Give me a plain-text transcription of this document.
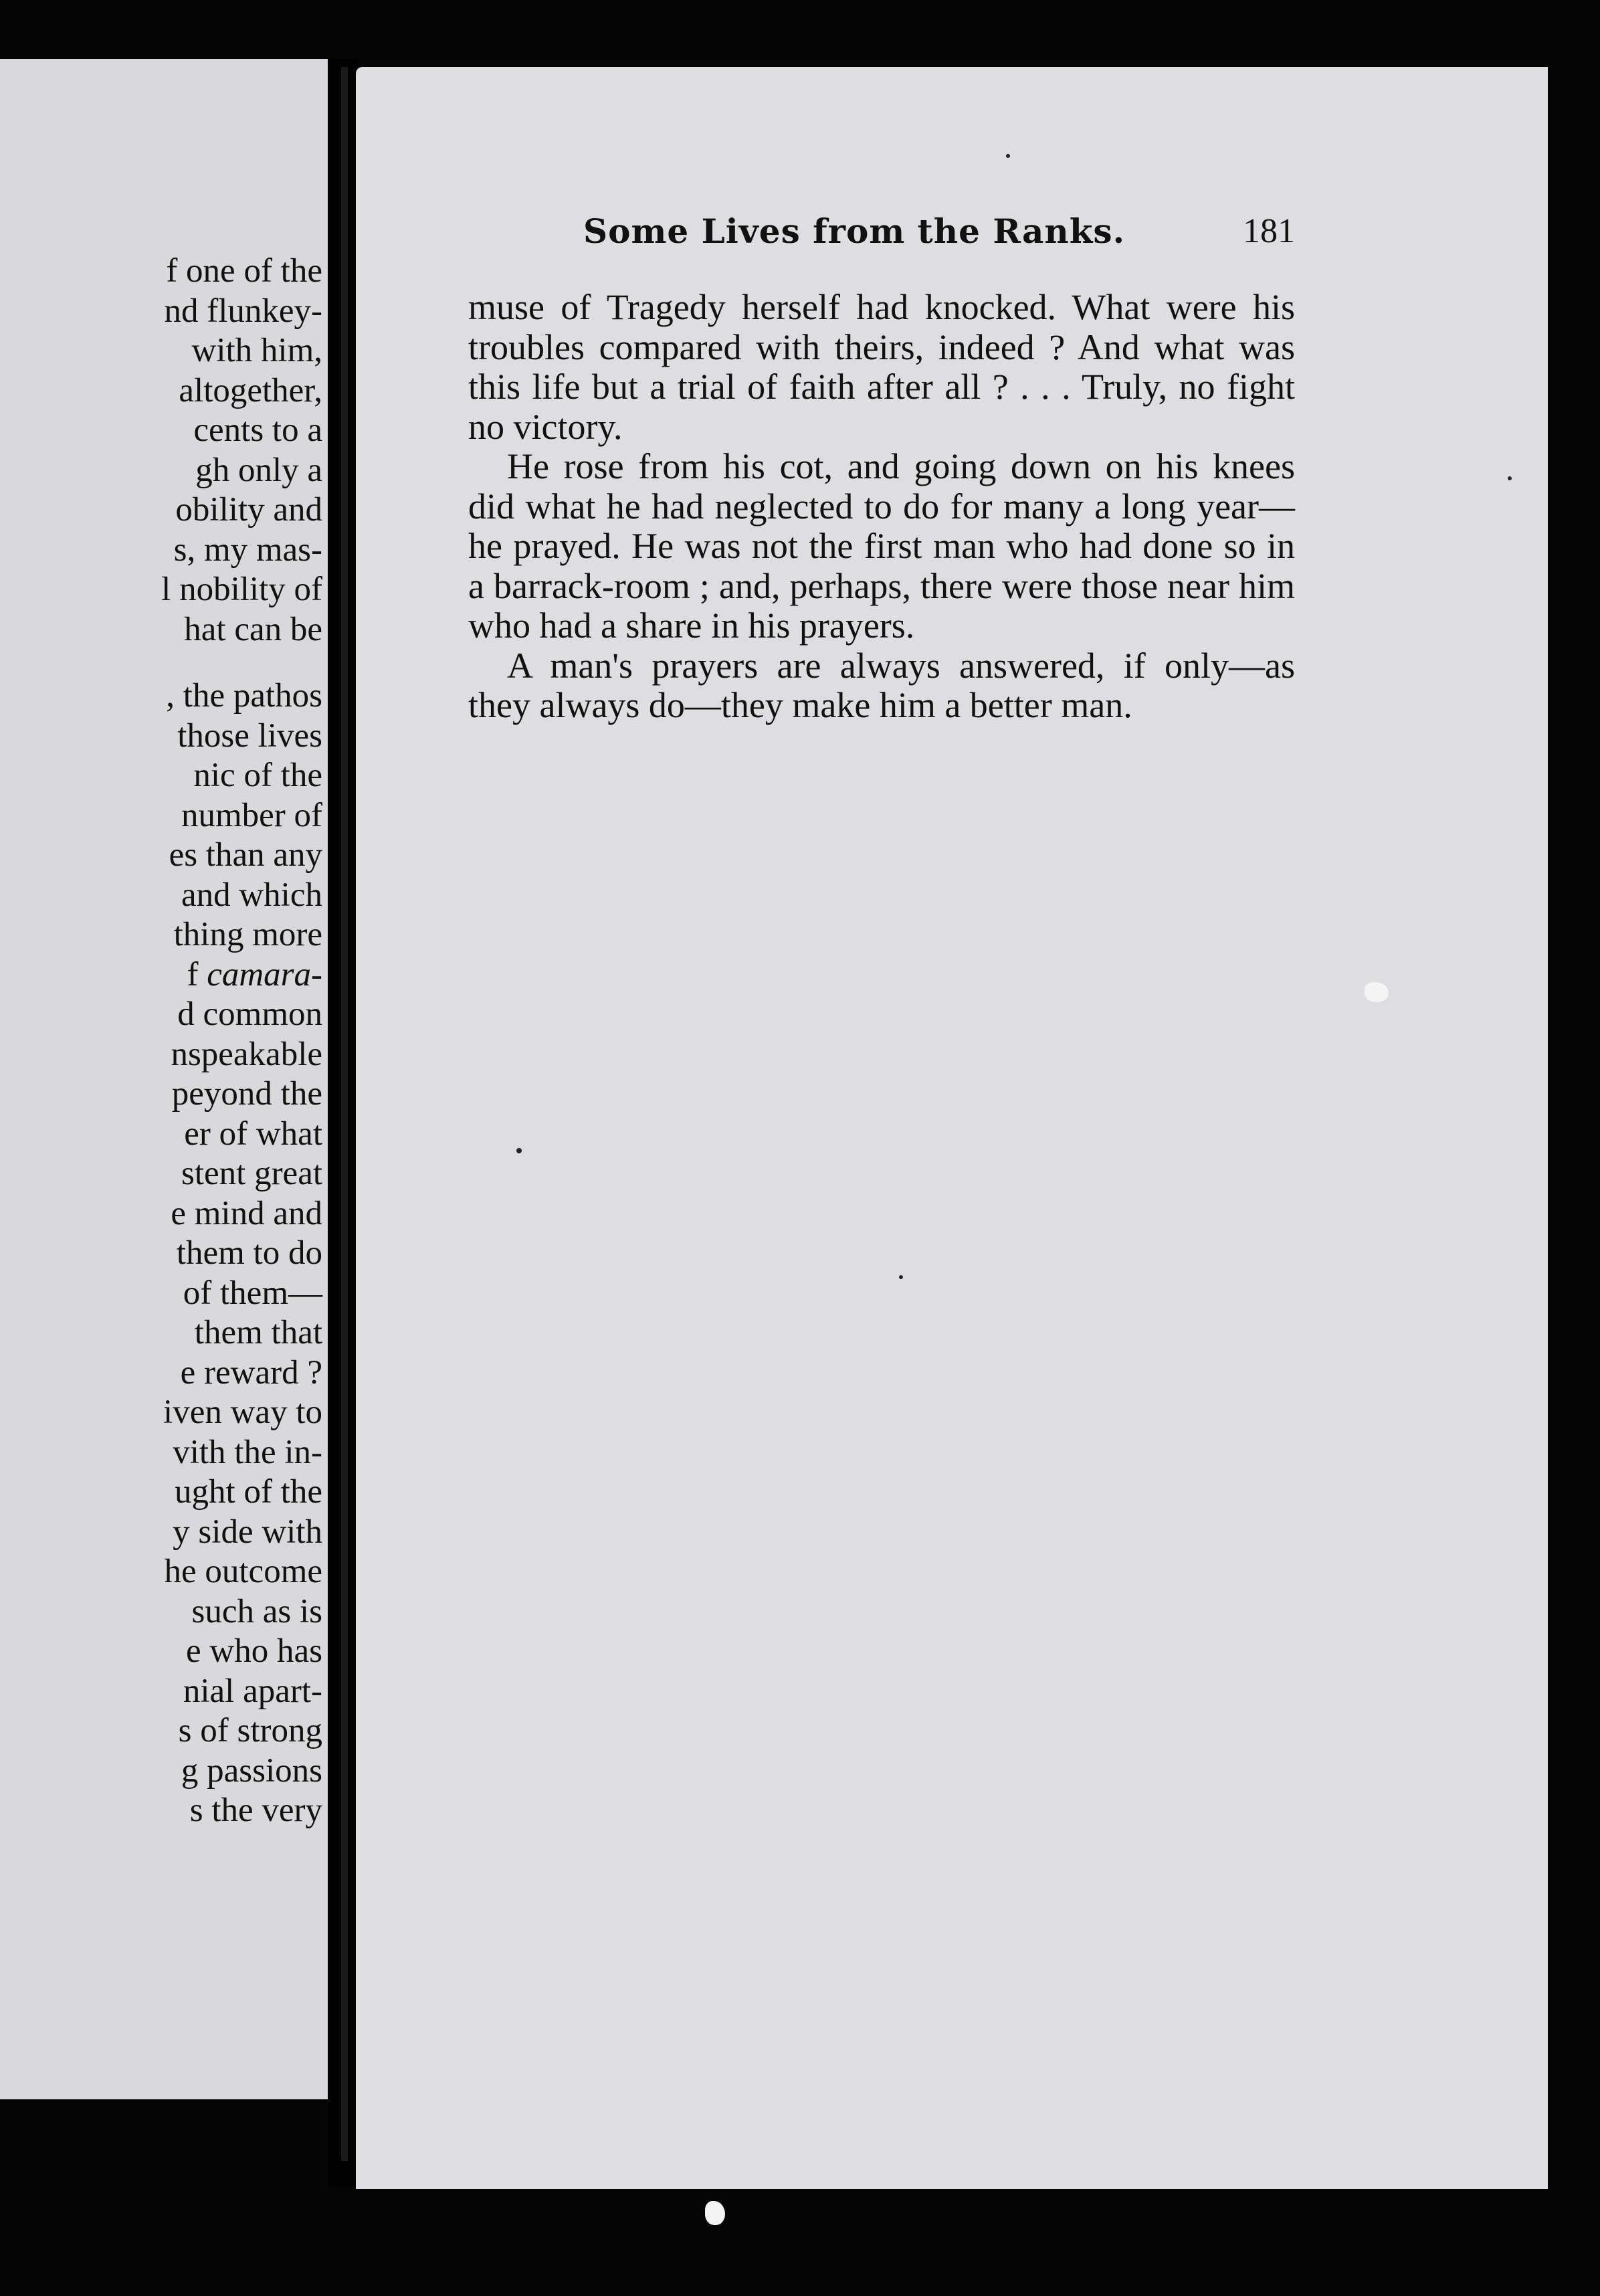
f one of the
nd flunkey-
with him,
altogether,
cents to a
gh only a
obility and
s, my mas-
l nobility of
hat can be
, the pathos
those lives
nic of the
number of
es than any
and which
thing more
f camara-
d common
nspeakable
peyond the
er of what
stent great
e mind and
them to do
of them—
them that
e reward ?
iven way to
vith the in-
ught of the
y side with
he outcome
such as is
e who has
nial apart-
s of strong
g passions
s the very
Some Lives from the Ranks.	181

muse of Tragedy herself had knocked. What were his troubles compared with theirs, indeed ? And what was this life but a trial of faith after all ? . . . Truly, no fight no victory.

He rose from his cot, and going down on his knees did what he had neglected to do for many a long year—he prayed. He was not the first man who had done so in a barrack-room ; and, perhaps, there were those near him who had a share in his prayers.

A man's prayers are always answered, if only—as they always do—they make him a better man.
